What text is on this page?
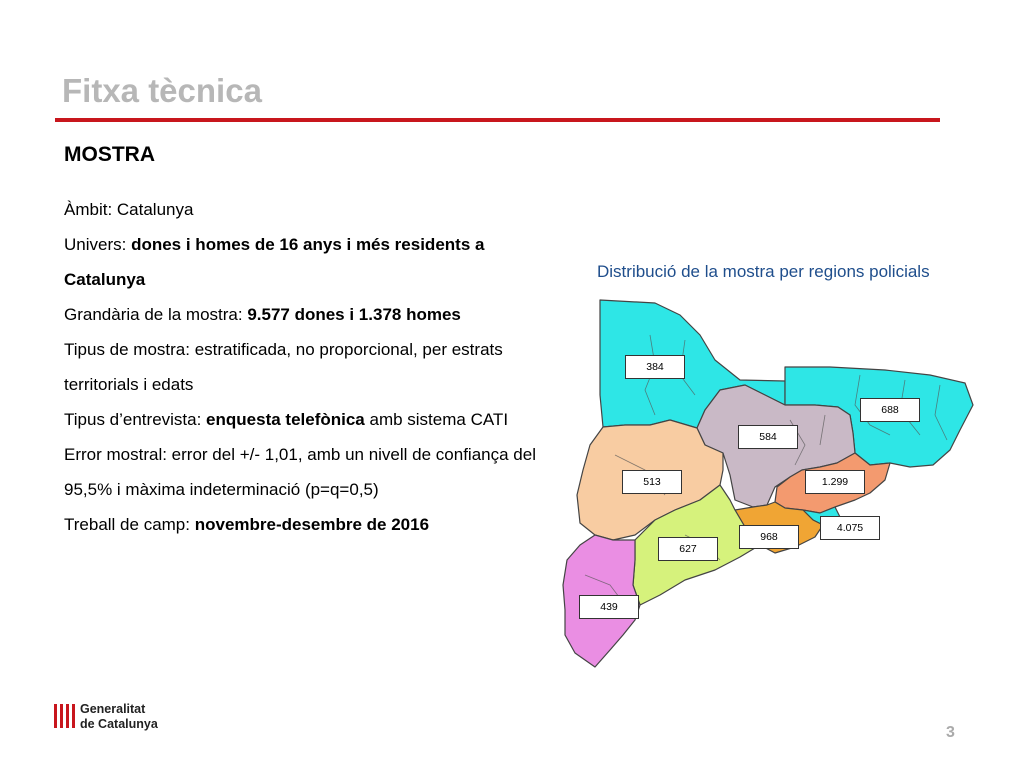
Fitxa tècnica
MOSTRA

Àmbit: Catalunya

Univers: dones i homes de 16 anys i més residents a Catalunya

Grandària de la mostra: 9.577 dones i 1.378 homes

Tipus de mostra: estratificada, no proporcional, per estrats territorials i edats

Tipus d’entrevista: enquesta telefònica amb sistema CATI

Error mostral: error del +/- 1,01, amb un nivell de confiança del 95,5% i màxima indeterminació (p=q=0,5)

Treball de camp: novembre-desembre de 2016

Distribució de la mostra per regions policials
384
688
584
513	1.299
968
4.075
627
439
Generalitat
de Catalunya	3
